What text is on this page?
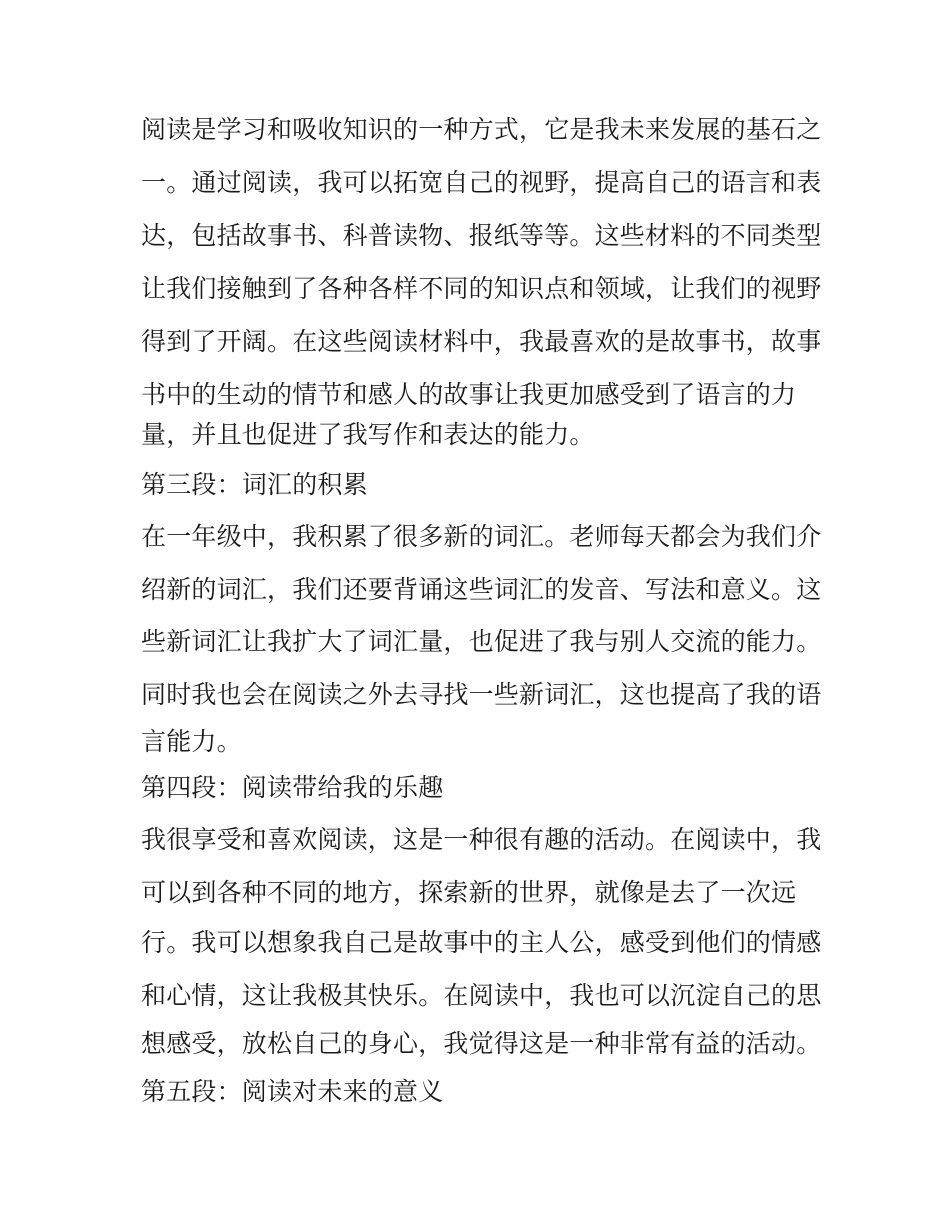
阅读是学习和吸收知识的一种方式，它是我未来发展的基石之
一。通过阅读，我可以拓宽自己的视野，提高自己的语言和表
达，包括故事书、科普读物、报纸等等。这些材料的不同类型
让我们接触到了各种各样不同的知识点和领域，让我们的视野
得到了开阔。在这些阅读材料中，我最喜欢的是故事书，故事
书中的生动的情节和感人的故事让我更加感受到了语言的力
量，并且也促进了我写作和表达的能力。
第三段：词汇的积累
在一年级中，我积累了很多新的词汇。老师每天都会为我们介
绍新的词汇，我们还要背诵这些词汇的发音、写法和意义。这
些新词汇让我扩大了词汇量，也促进了我与别人交流的能力。
同时我也会在阅读之外去寻找一些新词汇，这也提高了我的语
言能力。
第四段：阅读带给我的乐趣
我很享受和喜欢阅读，这是一种很有趣的活动。在阅读中，我
可以到各种不同的地方，探索新的世界，就像是去了一次远
行。我可以想象我自己是故事中的主人公，感受到他们的情感
和心情，这让我极其快乐。在阅读中，我也可以沉淀自己的思
想感受，放松自己的身心，我觉得这是一种非常有益的活动。
第五段：阅读对未来的意义
